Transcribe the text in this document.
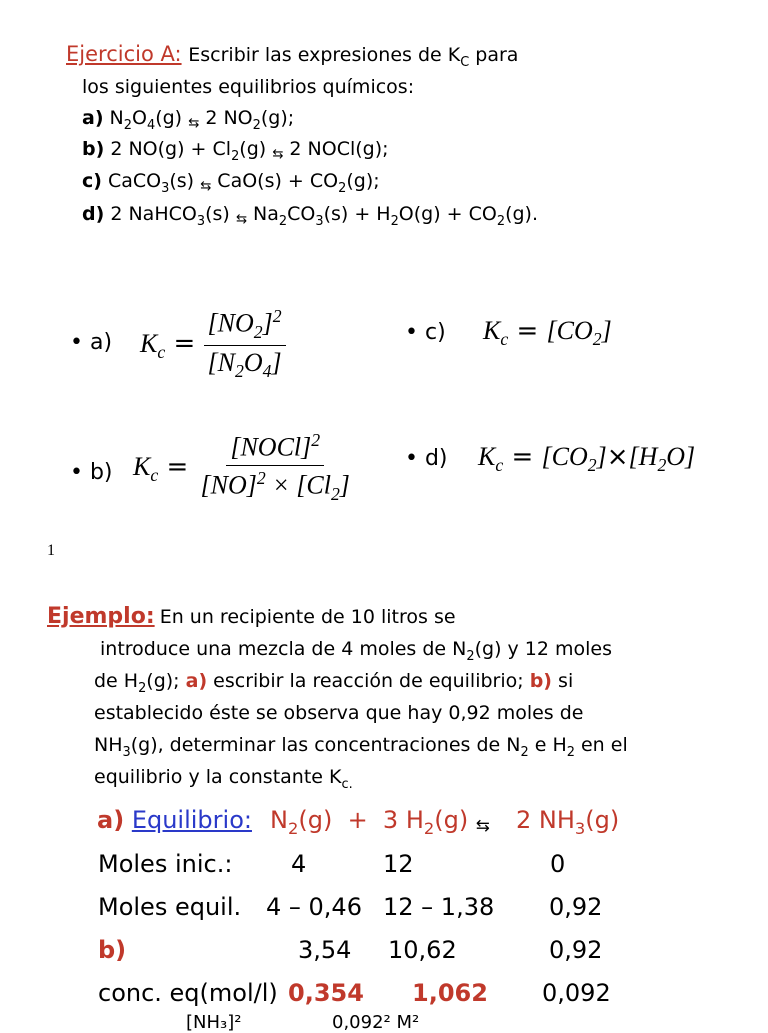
Ejercicio A: Escribir las expresiones de $K_C$ para
los siguientes equilibrios químicos:
a) $N_2O_4(g)$ ⇆ 2 $NO_2(g)$;
b) 2 $NO(g) + Cl_2(g)$ ⇆ 2 NOCl(g);
c) CaCO$_3$(s) ⇆ $CaO(s) + CO_2(g)$;
d) 2 NaHCO$_3$(s) ⇆ $Na_2CO_3(s) + H_2O(g) + CO_2(g)$.
• a) $K_c = \frac{[NO_2]^2}{[N_2O_4]}$	• c) $K_c = [CO_2]$
• b) $K_c = \frac{[NOCl]^2}{[NO]^2 \times [Cl_2]}$ • d) $K_c = [CO_2]\times[H_2O]$
1
Ejemplo: En un recipiente de 10 litros se
introduce una mezcla de 4 moles de $N_2(g)$ y 12 moles
de $H_2(g)$; a) escribir la reacción de equilibrio; b) si
establecido éste se observa que hay 0,92 moles de
$NH_3(g)$, determinar las concentraciones de $N_2$ e $H_2$ en el
equilibrio y la constante $K_{c.}$
a) Equilibrio: $N_2(g) + 3$ $H_2(g)$ ⇆ 2 $NH_3(g)$
Moles inic.: 4	12	0
Moles equil. 4 – 0,46 12 – 1,38 0,92
b)	3,54 10,62	0,92
conc. eq(mol/l) 0,354 1,062 0,092
[NH₃]²	0,092² M²
